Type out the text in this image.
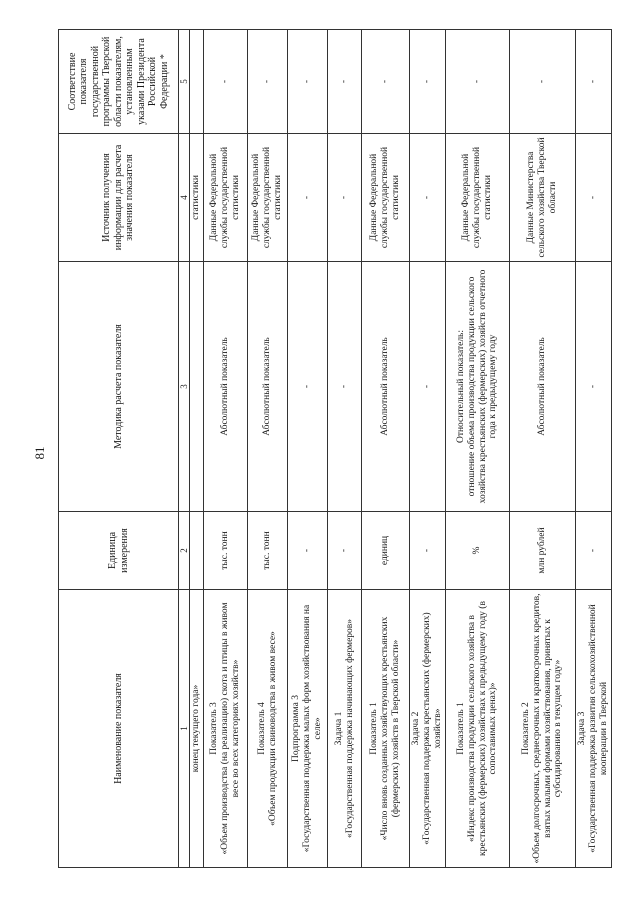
81
Наименование показателя	Единица измерения	Методика расчета показателя	Источник получения информации для расчета значения показателя	Соответствие показателя государственной программы Тверской области показателям, установленным указами Президента Российской Федерации *
1	2	3	4	5

конец текущего года»			статистики	

Показатель 3 «Объем производства (на реализацию) скота и птицы в живом весе во всех категориях хозяйств»	тыс. тонн	Абсолютный показатель	Данные Федеральной службы государственной статистики	-

Показатель 4 «Объем продукции свиноводства в живом весе»	тыс. тонн	Абсолютный показатель	Данные Федеральной службы государственной статистики	-

Подпрограмма 3 «Государственная поддержка малых форм хозяйствования на селе»	-	-	-	-

Задача 1 «Государственная поддержка начинающих фермеров»	-	-	-	-

Показатель 1 «Число вновь созданных хозяйствующих крестьянских (фермерских) хозяйств в Тверской области»	единиц	Абсолютный показатель	Данные Федеральной службы государственной статистики	-

Задача 2 «Государственная поддержка крестьянских (фермерских) хозяйств»	-	-	-	-

Показатель 1 «Индекс производства продукции сельского хозяйства в крестьянских (фермерских) хозяйствах к предыдущему году (в сопоставимых ценах)»	%	Относительный показатель: отношение объема производства продукции сельского хозяйства крестьянских (фермерских) хозяйств отчетного года к предыдущему году	Данные Федеральной службы государственной статистики	-

Показатель 2 «Объем долгосрочных, среднесрочных и краткосрочных кредитов, взятых малыми формами хозяйствования, принятых к субсидированию в текущем году»	млн рублей	Абсолютный показатель	Данные Министерства сельского хозяйства Тверской области	-

Задача 3 «Государственная поддержка развития сельскохозяйственной кооперации в Тверской	-	-	-	-
